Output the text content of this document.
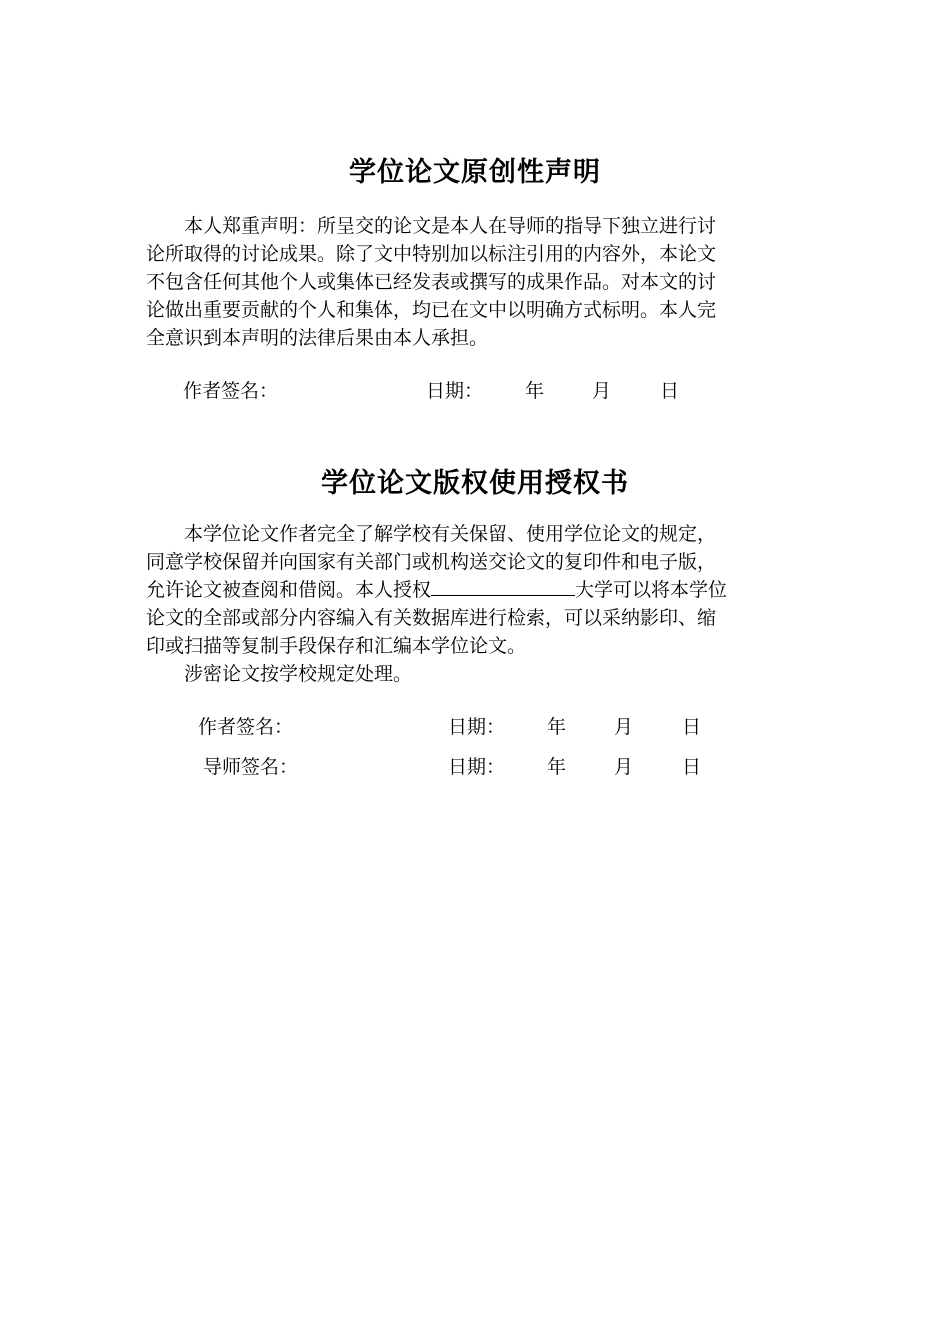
学位论文原创性声明
本人郑重声明：所呈交的论文是本人在导师的指导下独立进行讨
论所取得的讨论成果。除了文中特别加以标注引用的内容外，本论文
不包含任何其他个人或集体已经发表或撰写的成果作品。对本文的讨
论做出重要贡献的个人和集体，均已在文中以明确方式标明。本人完
全意识到本声明的法律后果由本人承担。
作者签名：	日期： 年	月	日
学位论文版权使用授权书
本学位论文作者完全了解学校有关保留、使用学位论文的规定，
同意学校保留并向国家有关部门或机构送交论文的复印件和电子版，
允许论文被查阅和借阅。本人授权	大学可以将本学位
论文的全部或部分内容编入有关数据库进行检索，可以采纳影印、缩
印或扫描等复制手段保存和汇编本学位论文。
涉密论文按学校规定处理。
作者签名：	日期： 年	月	日
导师签名：	日期： 年	月	日
